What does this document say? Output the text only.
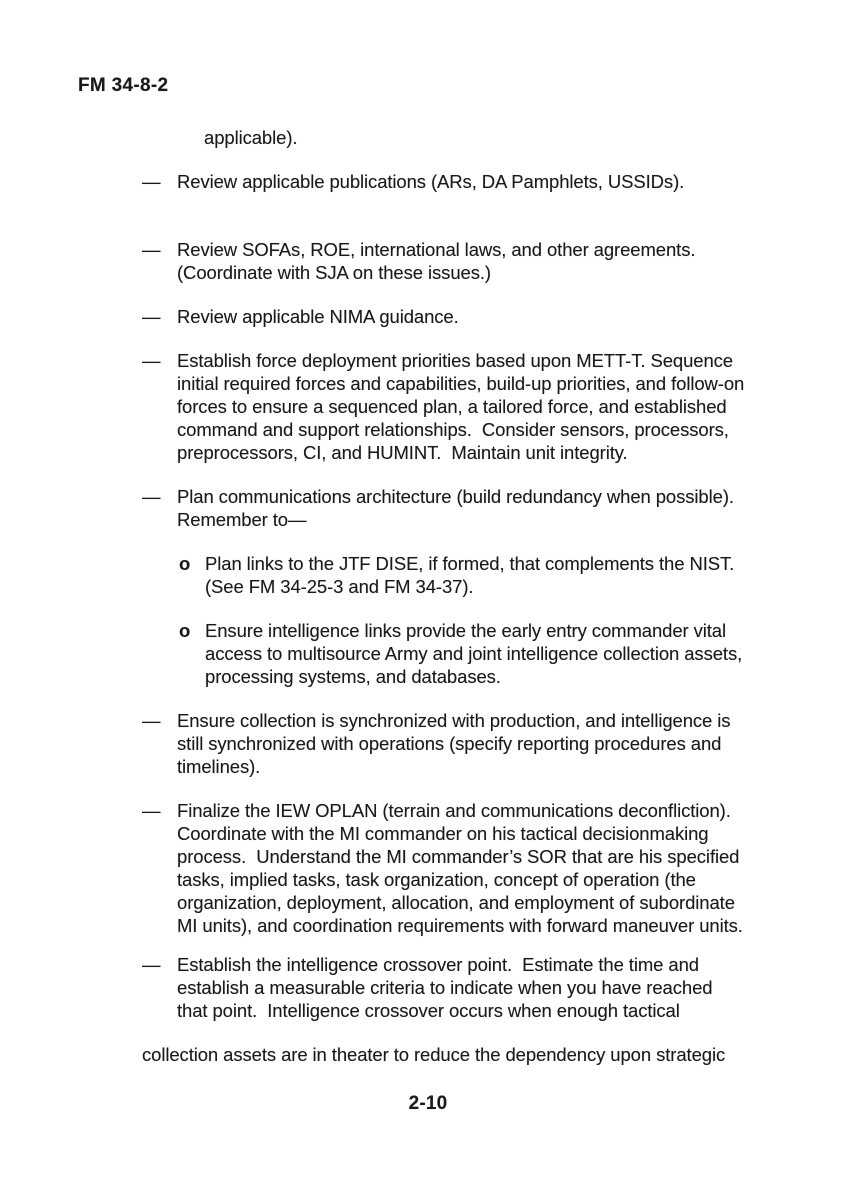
FM 34-8-2
applicable).
— Review applicable publications (ARs, DA Pamphlets, USSIDs).
— Review SOFAs, ROE, international laws, and other agreements.
(Coordinate with SJA on these issues.)
— Review applicable NIMA guidance.
— Establish force deployment priorities based upon METT-T. Sequence
initial required forces and capabilities, build-up priorities, and follow-on
forces to ensure a sequenced plan, a tailored force, and established
command and support relationships.  Consider sensors, processors,
preprocessors, CI, and HUMINT.  Maintain unit integrity.
— Plan communications architecture (build redundancy when possible).
Remember to—
o Plan links to the JTF DISE, if formed, that complements the NIST.
(See FM 34-25-3 and FM 34-37).
o Ensure intelligence links provide the early entry commander vital
access to multisource Army and joint intelligence collection assets,
processing systems, and databases.
— Ensure collection is synchronized with production, and intelligence is
still synchronized with operations (specify reporting procedures and
timelines).
— Finalize the IEW OPLAN (terrain and communications deconfliction).
Coordinate with the MI commander on his tactical decisionmaking
process.  Understand the MI commander’s SOR that are his specified
tasks, implied tasks, task organization, concept of operation (the
organization, deployment, allocation, and employment of subordinate
MI units), and coordination requirements with forward maneuver units.
— Establish the intelligence crossover point.  Estimate the time and
establish a measurable criteria to indicate when you have reached
that point.  Intelligence crossover occurs when enough tactical
collection assets are in theater to reduce the dependency upon strategic
2-10
